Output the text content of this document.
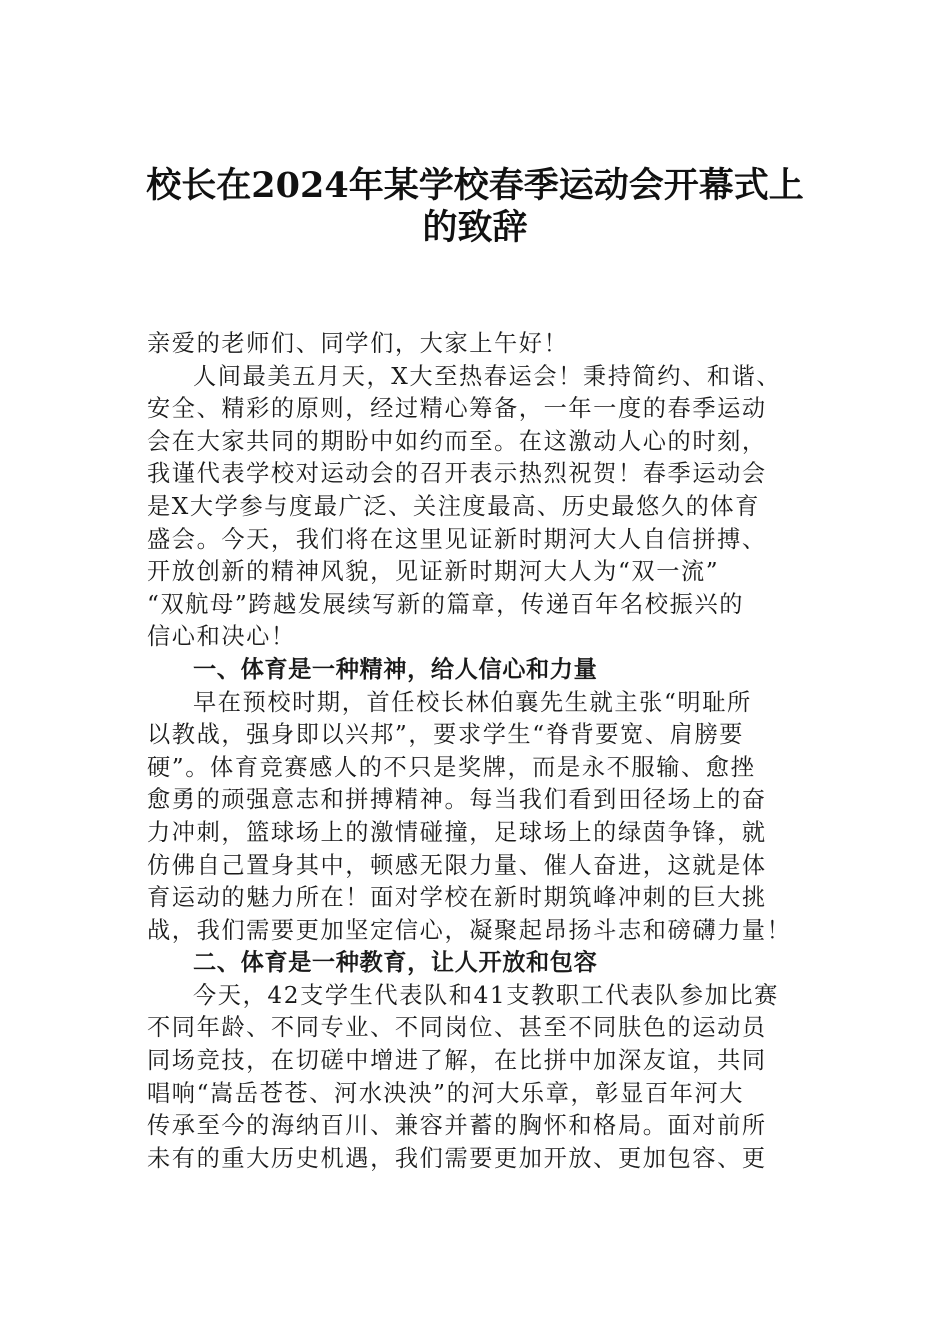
校长在2024年某学校春季运动会开幕式上
的致辞
亲爱的老师们、同学们，大家上午好！
人间最美五月天，X大至热春运会！秉持简约、和谐、
安全、精彩的原则，经过精心筹备，一年一度的春季运动
会在大家共同的期盼中如约而至。在这激动人心的时刻，
我谨代表学校对运动会的召开表示热烈祝贺！春季运动会
是X大学参与度最广泛、关注度最高、历史最悠久的体育
盛会。今天，我们将在这里见证新时期河大人自信拼搏、
开放创新的精神风貌，见证新时期河大人为“双一流”
“双航母”跨越发展续写新的篇章，传递百年名校振兴的
信心和决心！
一、体育是一种精神，给人信心和力量
早在预校时期，首任校长林伯襄先生就主张“明耻所
以教战，强身即以兴邦”，要求学生“脊背要宽、肩膀要
硬”。体育竞赛感人的不只是奖牌，而是永不服输、愈挫
愈勇的顽强意志和拼搏精神。每当我们看到田径场上的奋
力冲刺，篮球场上的激情碰撞，足球场上的绿茵争锋，就
仿佛自己置身其中，顿感无限力量、催人奋进，这就是体
育运动的魅力所在！面对学校在新时期筑峰冲刺的巨大挑
战，我们需要更加坚定信心，凝聚起昂扬斗志和磅礴力量！
二、体育是一种教育，让人开放和包容
今天，42支学生代表队和41支教职工代表队参加比赛
不同年龄、不同专业、不同岗位、甚至不同肤色的运动员
同场竞技，在切磋中增进了解，在比拼中加深友谊，共同
唱响“嵩岳苍苍、河水泱泱”的河大乐章，彰显百年河大
传承至今的海纳百川、兼容并蓄的胸怀和格局。面对前所
未有的重大历史机遇，我们需要更加开放、更加包容、更
